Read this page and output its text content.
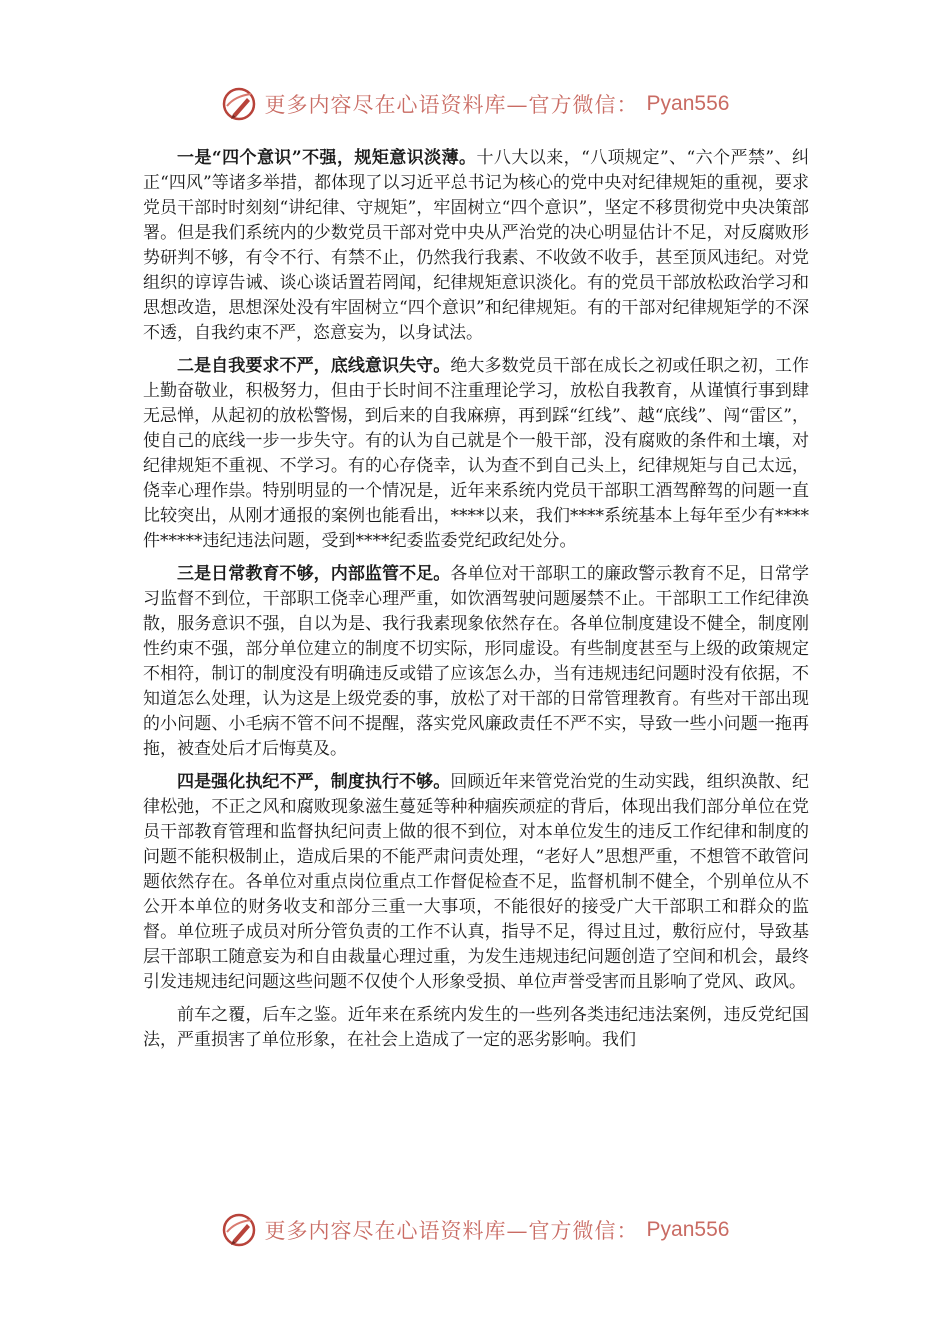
更多内容尽在心语资料库—官方微信： Pyan556

一是“四个意识”不强，规矩意识淡薄。十八大以来，“八项规定”、“六个严禁”、纠正“四风”等诸多举措，都体现了以习近平总书记为核心的党中央对纪律规矩的重视，要求党员干部时时刻刻“讲纪律、守规矩”，牢固树立“四个意识”，坚定不移贯彻党中央决策部署。但是我们系统内的少数党员干部对党中央从严治党的决心明显估计不足，对反腐败形势研判不够，有令不行、有禁不止，仍然我行我素、不收敛不收手，甚至顶风违纪。对党组织的谆谆告诫、谈心谈话置若罔闻，纪律规矩意识淡化。有的党员干部放松政治学习和思想改造，思想深处没有牢固树立“四个意识”和纪律规矩。有的干部对纪律规矩学的不深不透，自我约束不严，恣意妄为，以身试法。

二是自我要求不严，底线意识失守。绝大多数党员干部在成长之初或任职之初，工作上勤奋敬业，积极努力，但由于长时间不注重理论学习，放松自我教育，从谨慎行事到肆无忌惮，从起初的放松警惕，到后来的自我麻痹，再到踩“红线”、越“底线”、闯“雷区”，使自己的底线一步一步失守。有的认为自己就是个一般干部，没有腐败的条件和土壤，对纪律规矩不重视、不学习。有的心存侥幸，认为查不到自己头上，纪律规矩与自己太远，侥幸心理作祟。特别明显的一个情况是，近年来系统内党员干部职工酒驾醉驾的问题一直比较突出，从刚才通报的案例也能看出，****以来，我们****系统基本上每年至少有****件*****违纪违法问题，受到****纪委监委党纪政纪处分。

三是日常教育不够，内部监管不足。各单位对干部职工的廉政警示教育不足，日常学习监督不到位，干部职工侥幸心理严重，如饮酒驾驶问题屡禁不止。干部职工工作纪律涣散，服务意识不强，自以为是、我行我素现象依然存在。各单位制度建设不健全，制度刚性约束不强，部分单位建立的制度不切实际，形同虚设。有些制度甚至与上级的政策规定不相符，制订的制度没有明确违反或错了应该怎么办，当有违规违纪问题时没有依据，不知道怎么处理，认为这是上级党委的事，放松了对干部的日常管理教育。有些对干部出现的小问题、小毛病不管不问不提醒，落实党风廉政责任不严不实，导致一些小问题一拖再拖，被查处后才后悔莫及。

四是强化执纪不严，制度执行不够。回顾近年来管党治党的生动实践，组织涣散、纪律松弛，不正之风和腐败现象滋生蔓延等种种痼疾顽症的背后，体现出我们部分单位在党员干部教育管理和监督执纪问责上做的很不到位，对本单位发生的违反工作纪律和制度的问题不能积极制止，造成后果的不能严肃问责处理，“老好人”思想严重，不想管不敢管问题依然存在。各单位对重点岗位重点工作督促检查不足，监督机制不健全，个别单位从不公开本单位的财务收支和部分三重一大事项，不能很好的接受广大干部职工和群众的监督。单位班子成员对所分管负责的工作不认真，指导不足，得过且过，敷衍应付，导致基层干部职工随意妄为和自由裁量心理过重，为发生违规违纪问题创造了空间和机会，最终引发违规违纪问题这些问题不仅使个人形象受损、单位声誉受害而且影响了党风、政风。

前车之覆，后车之鉴。近年来在系统内发生的一些列各类违纪违法案例，违反党纪国法，严重损害了单位形象，在社会上造成了一定的恶劣影响。我们

更多内容尽在心语资料库—官方微信： Pyan556
